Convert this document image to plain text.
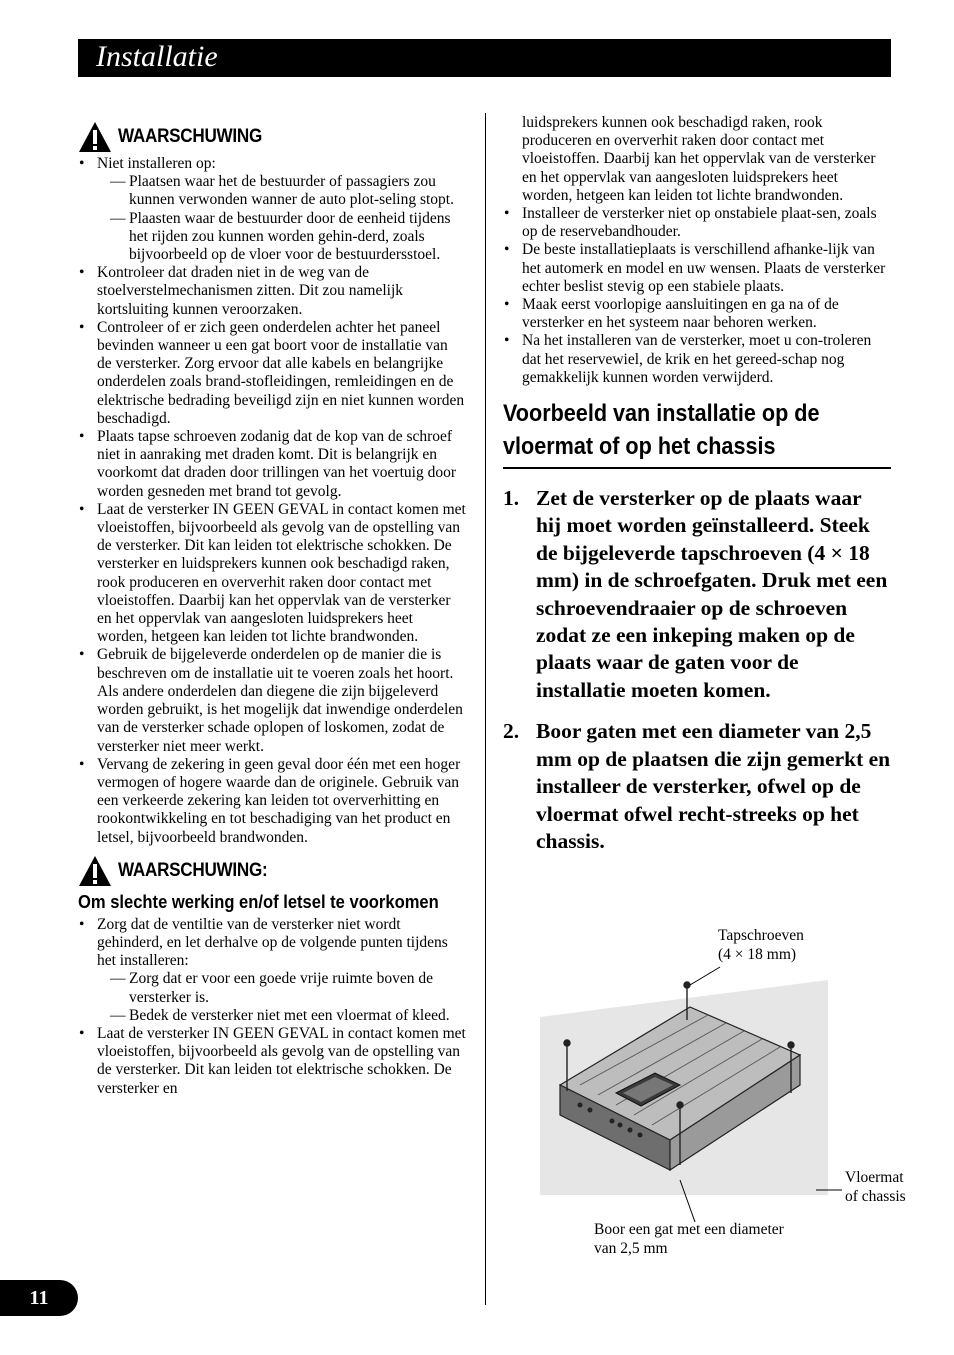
Installatie
WAARSCHUWING
• Niet installeren op:
— Plaatsen waar het de bestuurder of passagiers zou kunnen verwonden wanner de auto plot-seling stopt.
— Plaasten waar de bestuurder door de eenheid tijdens het rijden zou kunnen worden gehin-derd, zoals bijvoorbeeld op de vloer voor de bestuurdersstoel.
• Kontroleer dat draden niet in de weg van de stoelverstelmechanismen zitten. Dit zou namelijk kortsluiting kunnen veroorzaken.
• Controleer of er zich geen onderdelen achter het paneel bevinden wanneer u een gat boort voor de installatie van de versterker. Zorg ervoor dat alle kabels en belangrijke onderdelen zoals brand-stofleidingen, remleidingen en de elektrische bedrading beveiligd zijn en niet kunnen worden beschadigd.
• Plaats tapse schroeven zodanig dat de kop van de schroef niet in aanraking met draden komt. Dit is belangrijk en voorkomt dat draden door trillingen van het voertuig door worden gesneden met brand tot gevolg.
• Laat de versterker IN GEEN GEVAL in contact komen met vloeistoffen, bijvoorbeeld als gevolg van de opstelling van de versterker. Dit kan leiden tot elektrische schokken. De versterker en luidsprekers kunnen ook beschadigd raken, rook produceren en oververhit raken door contact met vloeistoffen. Daarbij kan het oppervlak van de versterker en het oppervlak van aangesloten luidsprekers heet worden, hetgeen kan leiden tot lichte brandwonden.
• Gebruik de bijgeleverde onderdelen op de manier die is beschreven om de installatie uit te voeren zoals het hoort. Als andere onderdelen dan diegene die zijn bijgeleverd worden gebruikt, is het mogelijk dat inwendige onderdelen van de versterker schade oplopen of loskomen, zodat de versterker niet meer werkt.
• Vervang de zekering in geen geval door één met een hoger vermogen of hogere waarde dan de originele. Gebruik van een verkeerde zekering kan leiden tot oververhitting en rookontwikkeling en tot beschadiging van het product en letsel, bijvoorbeeld brandwonden.
WAARSCHUWING:
Om slechte werking en/of letsel te voorkomen
• Zorg dat de ventiltie van de versterker niet wordt gehinderd, en let derhalve op de volgende punten tijdens het installeren:
— Zorg dat er voor een goede vrije ruimte boven de versterker is.
— Bedek de versterker niet met een vloermat of kleed.
• Laat de versterker IN GEEN GEVAL in contact komen met vloeistoffen, bijvoorbeeld als gevolg van de opstelling van de versterker. Dit kan leiden tot elektrische schokken. De versterker en
luidsprekers kunnen ook beschadigd raken, rook produceren en oververhit raken door contact met vloeistoffen. Daarbij kan het oppervlak van de versterker en het oppervlak van aangesloten luidsprekers heet worden, hetgeen kan leiden tot lichte brandwonden.
• Installeer de versterker niet op onstabiele plaat-sen, zoals op de reservebandhouder.
• De beste installatieplaats is verschillend afhanke-lijk van het automerk en model en uw wensen. Plaats de versterker echter beslist stevig op een stabiele plaats.
• Maak eerst voorlopige aansluitingen en ga na of de versterker en het systeem naar behoren werken.
• Na het installeren van de versterker, moet u con-troleren dat het reservewiel, de krik en het gereed-schap nog gemakkelijk kunnen worden verwijderd.
Voorbeeld van installatie op de
vloermat of op het chassis
1. Zet de versterker op de plaats waar hij moet worden geïnstalleerd. Steek de bijgeleverde tapschroeven (4 × 18 mm) in de schroefgaten. Druk met een schroevendraaier op de schroeven zodat ze een inkeping maken op de plaats waar de gaten voor de installatie moeten komen.
2. Boor gaten met een diameter van 2,5 mm op de plaatsen die zijn gemerkt en installeer de versterker, ofwel op de vloermat ofwel recht-streeks op het chassis.
Tapschroeven
(4 × 18 mm)
Vloermat
of chassis
Boor een gat met een diameter
van 2,5 mm
11
